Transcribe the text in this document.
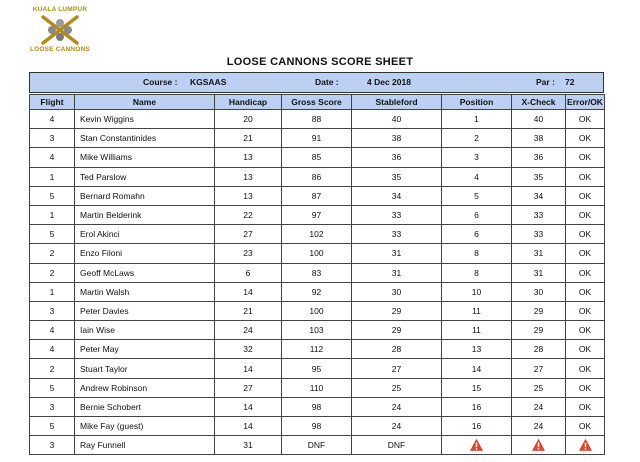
KUALA LUMPUR
LOOSE CANNONS
LOOSE CANNONS SCORE SHEET
Course : KGSAAS	Date :	4 Dec 2018	Par : 72
Flight	Name	Handicap	Gross Score	Stableford	Position	X-Check	Error/OK
4	Kevin Wiggins	20	88	40	1	40	OK
3	Stan Constantinides	21	91	38	2	38	OK
4	Mike Williams	13	85	36	3	36	OK
1	Ted Parslow	13	86	35	4	35	OK
5	Bernard Romahn	13	87	34	5	34	OK
1	Martin Belderink	22	97	33	6	33	OK
5	Erol Akinci	27	102	33	6	33	OK
2	Enzo Filoni	23	100	31	8	31	OK
2	Geoff McLaws	6	83	31	8	31	OK
1	Martin Walsh	14	92	30	10	30	OK
3	Peter Davies	21	100	29	11	29	OK
4	Iain Wise	24	103	29	11	29	OK
4	Peter May	32	112	28	13	28	OK
2	Stuart Taylor	14	95	27	14	27	OK
5	Andrew Robinson	27	110	25	15	25	OK
3	Bernie Schobert	14	98	24	16	24	OK
5	Mike Fay (guest)	14	98	24	16	24	OK
3	Ray Funnell	31	DNF	DNF			
